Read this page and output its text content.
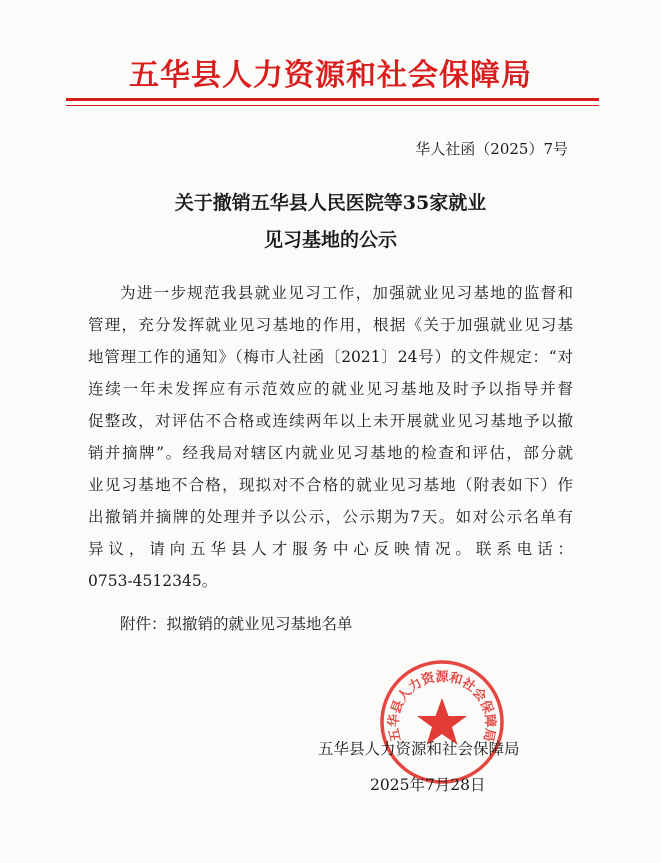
五华县人力资源和社会保障局
华人社函（2025）7号
关于撤销五华县人民医院等35家就业
见习基地的公示
为进一步规范我县就业见习工作，加强就业见习基地的监督和
管理，充分发挥就业见习基地的作用，根据《关于加强就业见习基
地管理工作的通知》（梅市人社函〔2021〕24号）的文件规定：“对
连续一年未发挥应有示范效应的就业见习基地及时予以指导并督
促整改，对评估不合格或连续两年以上未开展就业见习基地予以撤
销并摘牌”。经我局对辖区内就业见习基地的检查和评估，部分就
业见习基地不合格，现拟对不合格的就业见习基地（附表如下）作
出撤销并摘牌的处理并予以公示，公示期为7天。如对公示名单有
异议，请向五华县人才服务中心反映情况。联系电话：
0753-4512345。
附件：拟撤销的就业见习基地名单
五华县人力资源和社会保障局
五华县人力资源和社会保障局
2025年7月28日
